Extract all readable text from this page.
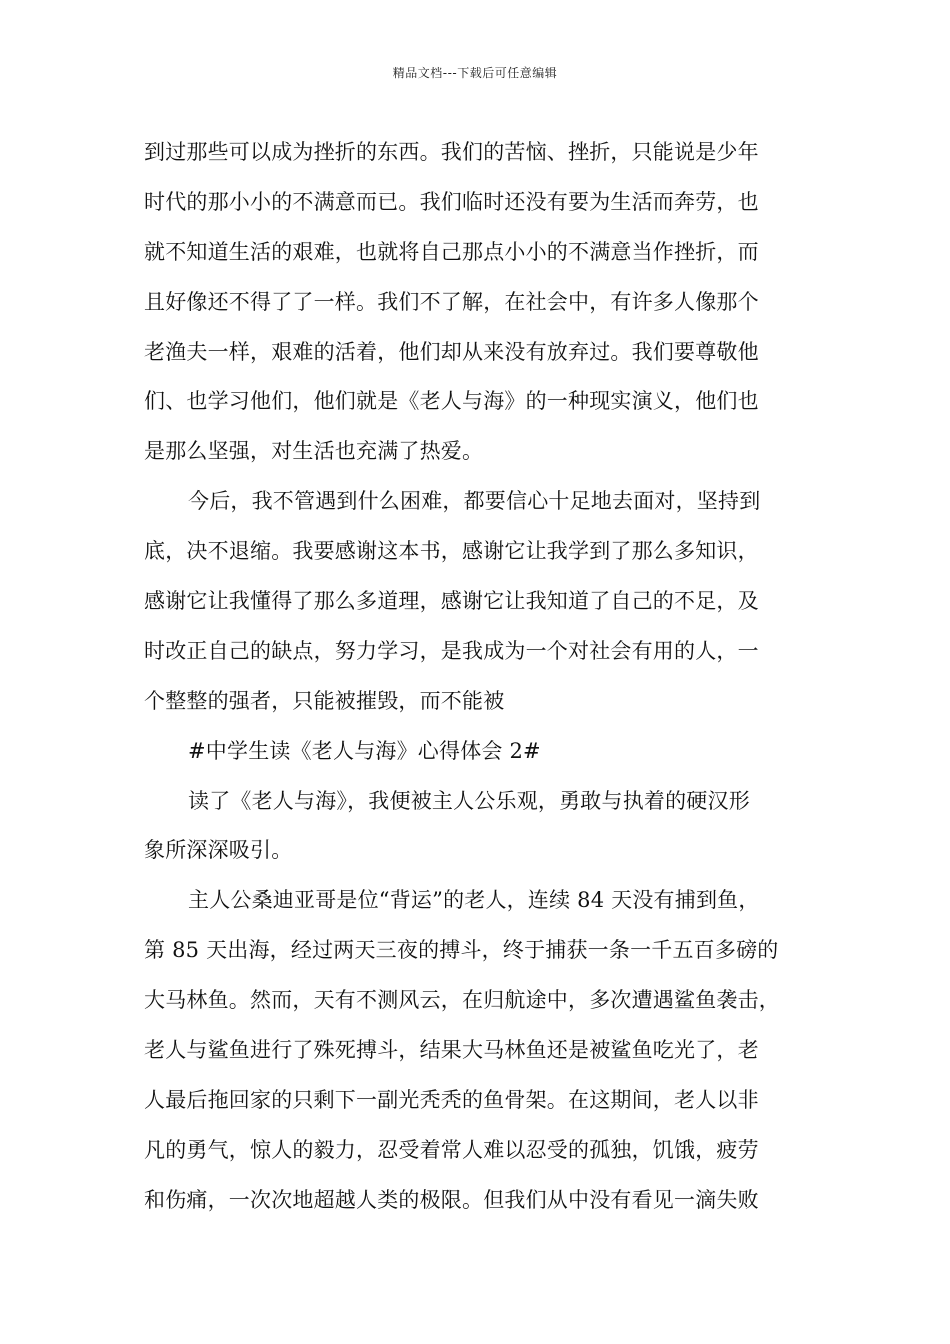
精品文档---下载后可任意编辑
到过那些可以成为挫折的东西。我们的苦恼、挫折，只能说是少年
时代的那小小的不满意而已。我们临时还没有要为生活而奔劳，也
就不知道生活的艰难，也就将自己那点小小的不满意当作挫折，而
且好像还不得了了一样。我们不了解，在社会中，有许多人像那个
老渔夫一样，艰难的活着，他们却从来没有放弃过。我们要尊敬他
们、也学习他们，他们就是《老人与海》的一种现实演义，他们也
是那么坚强，对生活也充满了热爱。
今后，我不管遇到什么困难，都要信心十足地去面对，坚持到
底，决不退缩。我要感谢这本书，感谢它让我学到了那么多知识，
感谢它让我懂得了那么多道理，感谢它让我知道了自己的不足，及
时改正自己的缺点，努力学习，是我成为一个对社会有用的人，一
个整整的强者，只能被摧毁，而不能被
#中学生读《老人与海》心得体会 2#
读了《老人与海》，我便被主人公乐观，勇敢与执着的硬汉形
象所深深吸引。
主人公桑迪亚哥是位“背运”的老人，连续 84 天没有捕到鱼，
第 85 天出海，经过两天三夜的搏斗，终于捕获一条一千五百多磅的
大马林鱼。然而，天有不测风云，在归航途中，多次遭遇鲨鱼袭击，
老人与鲨鱼进行了殊死搏斗，结果大马林鱼还是被鲨鱼吃光了，老
人最后拖回家的只剩下一副光秃秃的鱼骨架。在这期间，老人以非
凡的勇气，惊人的毅力，忍受着常人难以忍受的孤独，饥饿，疲劳
和伤痛，一次次地超越人类的极限。但我们从中没有看见一滴失败
